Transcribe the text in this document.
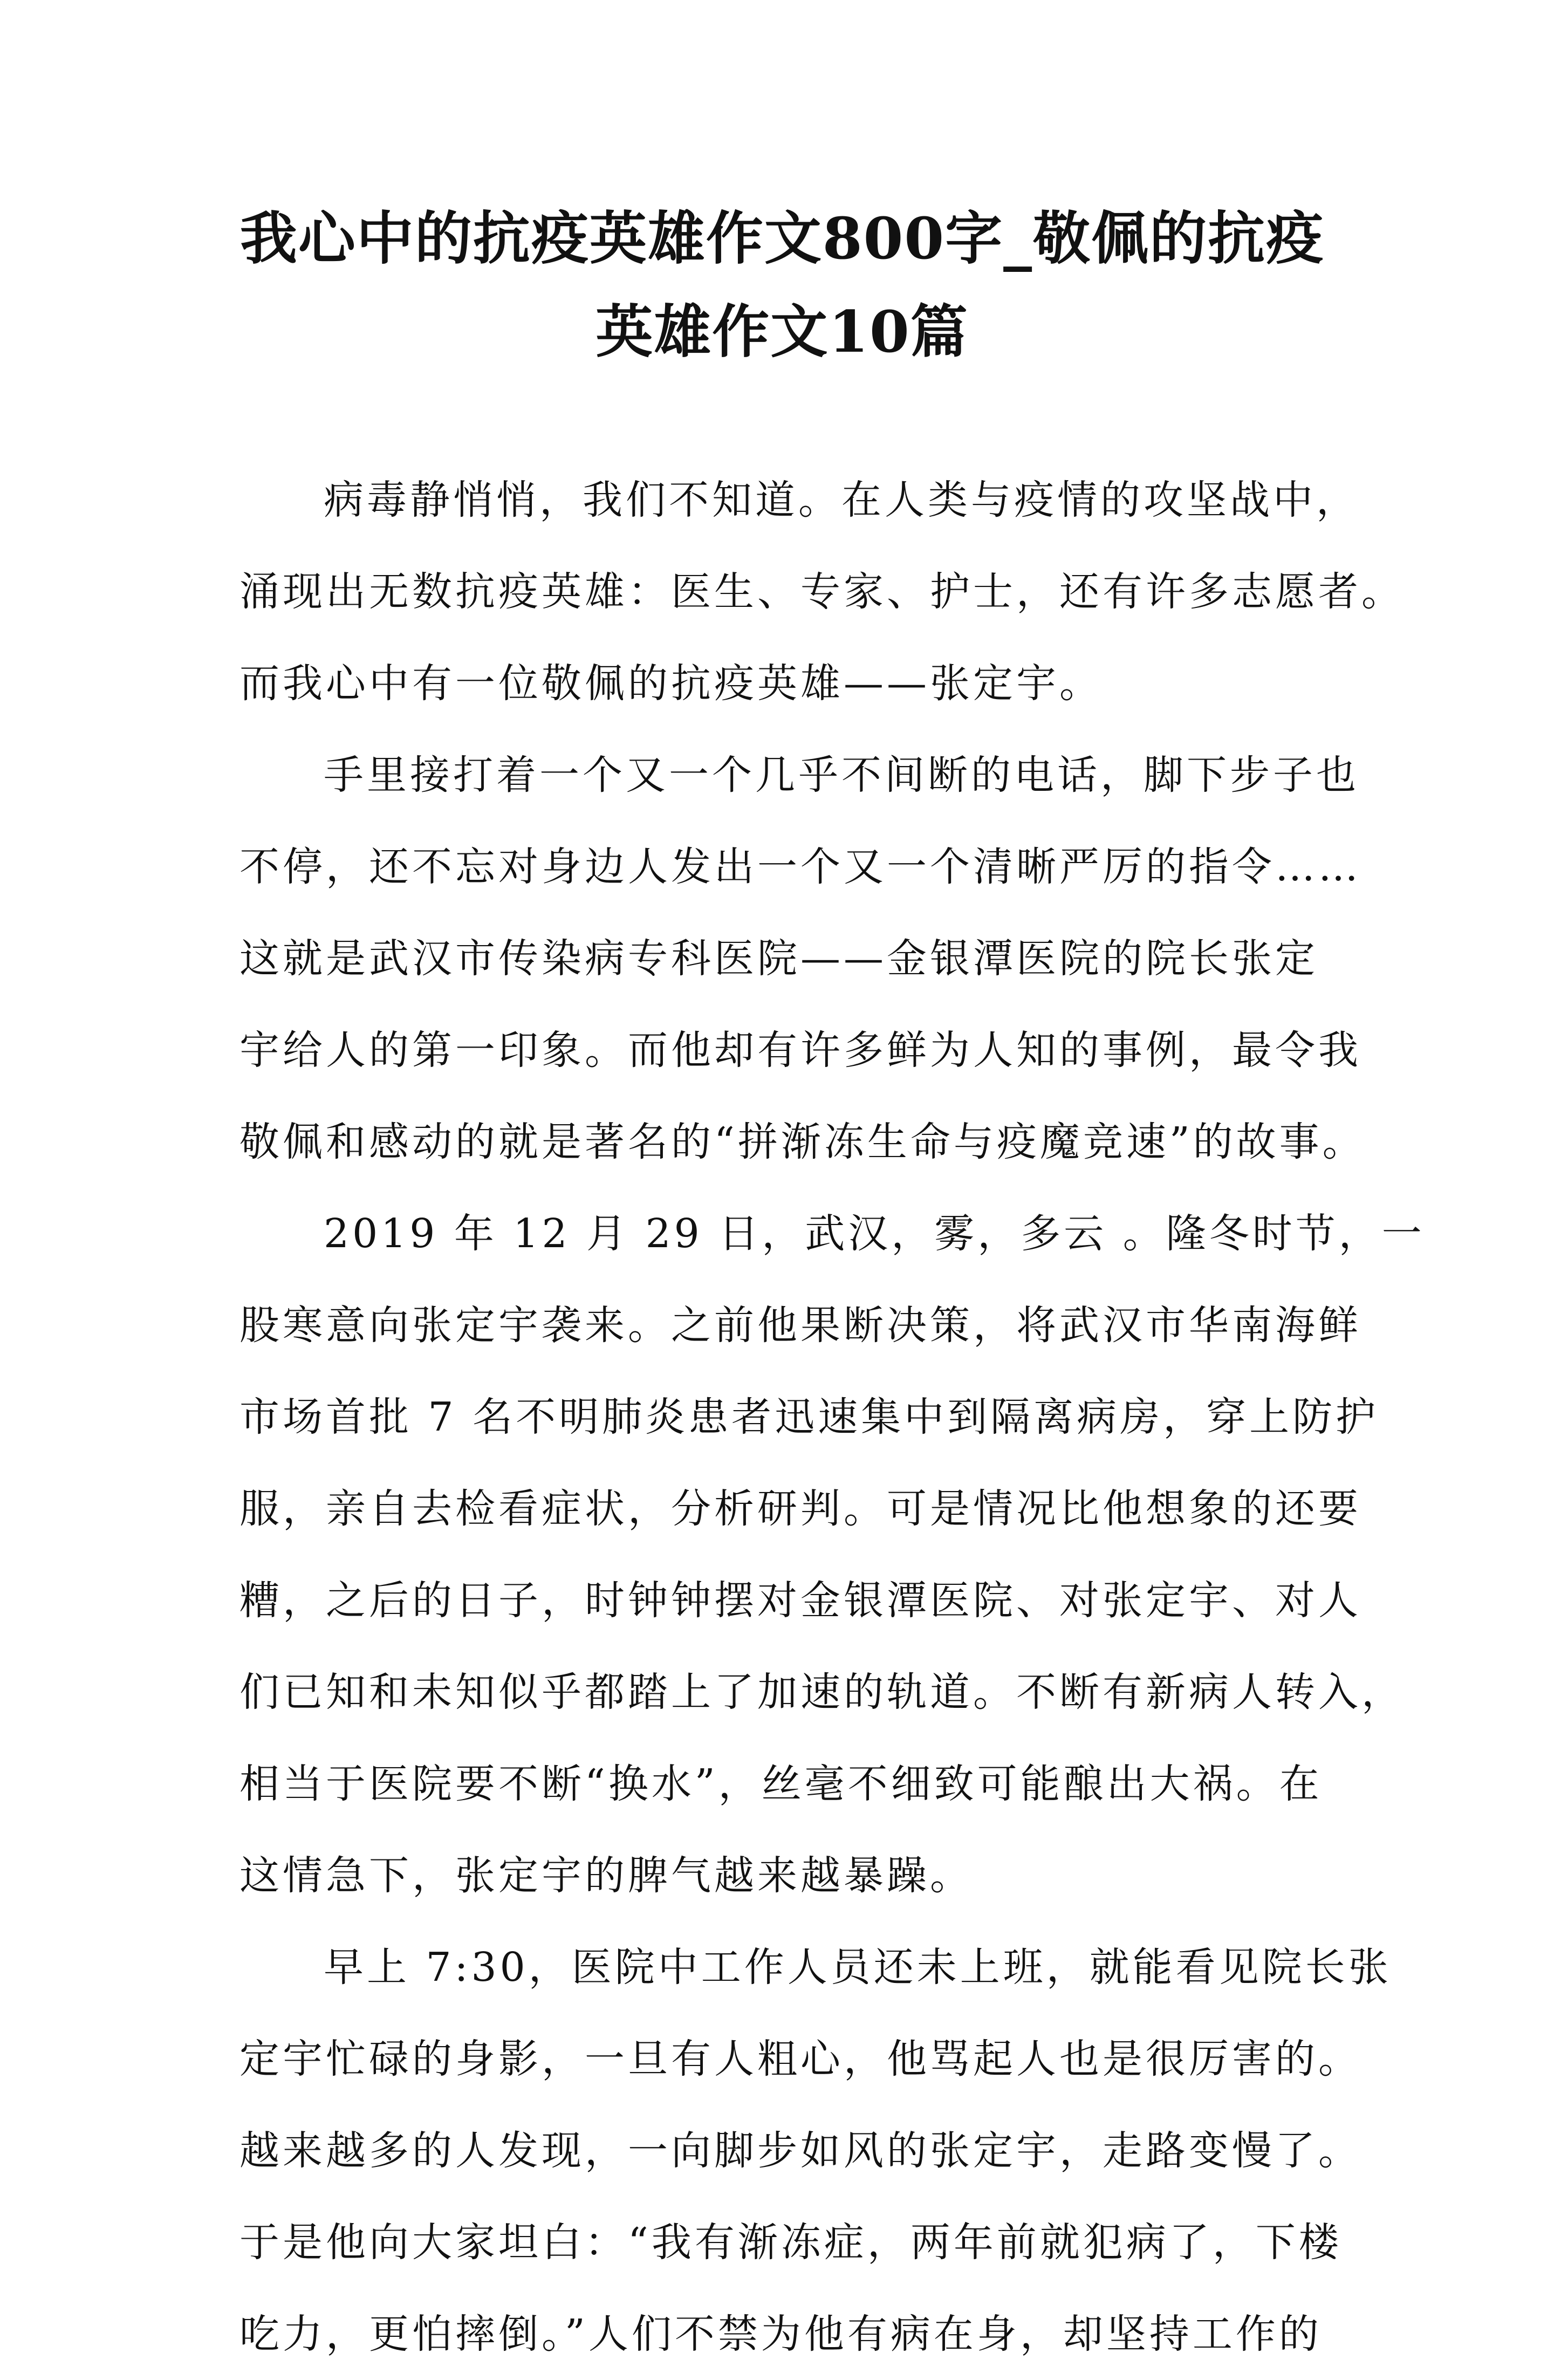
我心中的抗疫英雄作文800字_敬佩的抗疫
英雄作文10篇
病毒静悄悄，我们不知道。在人类与疫情的攻坚战中，
涌现出无数抗疫英雄：医生、专家、护士，还有许多志愿者。
而我心中有一位敬佩的抗疫英雄——张定宇。
手里接打着一个又一个几乎不间断的电话，脚下步子也
不停，还不忘对身边人发出一个又一个清晰严厉的指令……
这就是武汉市传染病专科医院——金银潭医院的院长张定
宇给人的第一印象。而他却有许多鲜为人知的事例，最令我
敬佩和感动的就是著名的“拼渐冻生命与疫魔竞速”的故事。
2019 年 12 月 29 日，武汉，雾，多云 。隆冬时节，一
股寒意向张定宇袭来。之前他果断决策，将武汉市华南海鲜
市场首批 7 名不明肺炎患者迅速集中到隔离病房，穿上防护
服，亲自去检看症状，分析研判。可是情况比他想象的还要
糟，之后的日子，时钟钟摆对金银潭医院、对张定宇、对人
们已知和未知似乎都踏上了加速的轨道。不断有新病人转入，
相当于医院要不断“换水”，丝毫不细致可能酿出大祸。在
这情急下，张定宇的脾气越来越暴躁。
早上 7:30，医院中工作人员还未上班，就能看见院长张
定宇忙碌的身影，一旦有人粗心，他骂起人也是很厉害的。
越来越多的人发现，一向脚步如风的张定宇，走路变慢了。
于是他向大家坦白：“我有渐冻症，两年前就犯病了，下楼
吃力，更怕摔倒。”人们不禁为他有病在身，却坚持工作的
